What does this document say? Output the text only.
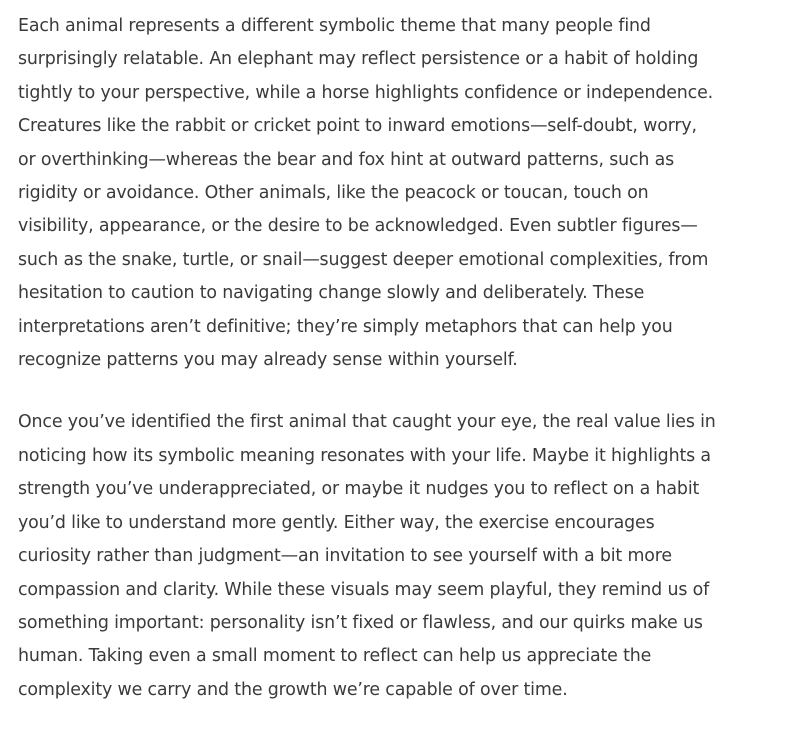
Each animal represents a different symbolic theme that many people find
surprisingly relatable. An elephant may reflect persistence or a habit of holding
tightly to your perspective, while a horse highlights confidence or independence.
Creatures like the rabbit or cricket point to inward emotions—self-doubt, worry,
or overthinking—whereas the bear and fox hint at outward patterns, such as
rigidity or avoidance. Other animals, like the peacock or toucan, touch on
visibility, appearance, or the desire to be acknowledged. Even subtler figures—
such as the snake, turtle, or snail—suggest deeper emotional complexities, from
hesitation to caution to navigating change slowly and deliberately. These
interpretations aren’t definitive; they’re simply metaphors that can help you
recognize patterns you may already sense within yourself.

Once you’ve identified the first animal that caught your eye, the real value lies in
noticing how its symbolic meaning resonates with your life. Maybe it highlights a
strength you’ve underappreciated, or maybe it nudges you to reflect on a habit
you’d like to understand more gently. Either way, the exercise encourages
curiosity rather than judgment—an invitation to see yourself with a bit more
compassion and clarity. While these visuals may seem playful, they remind us of
something important: personality isn’t fixed or flawless, and our quirks make us
human. Taking even a small moment to reflect can help us appreciate the
complexity we carry and the growth we’re capable of over time.
